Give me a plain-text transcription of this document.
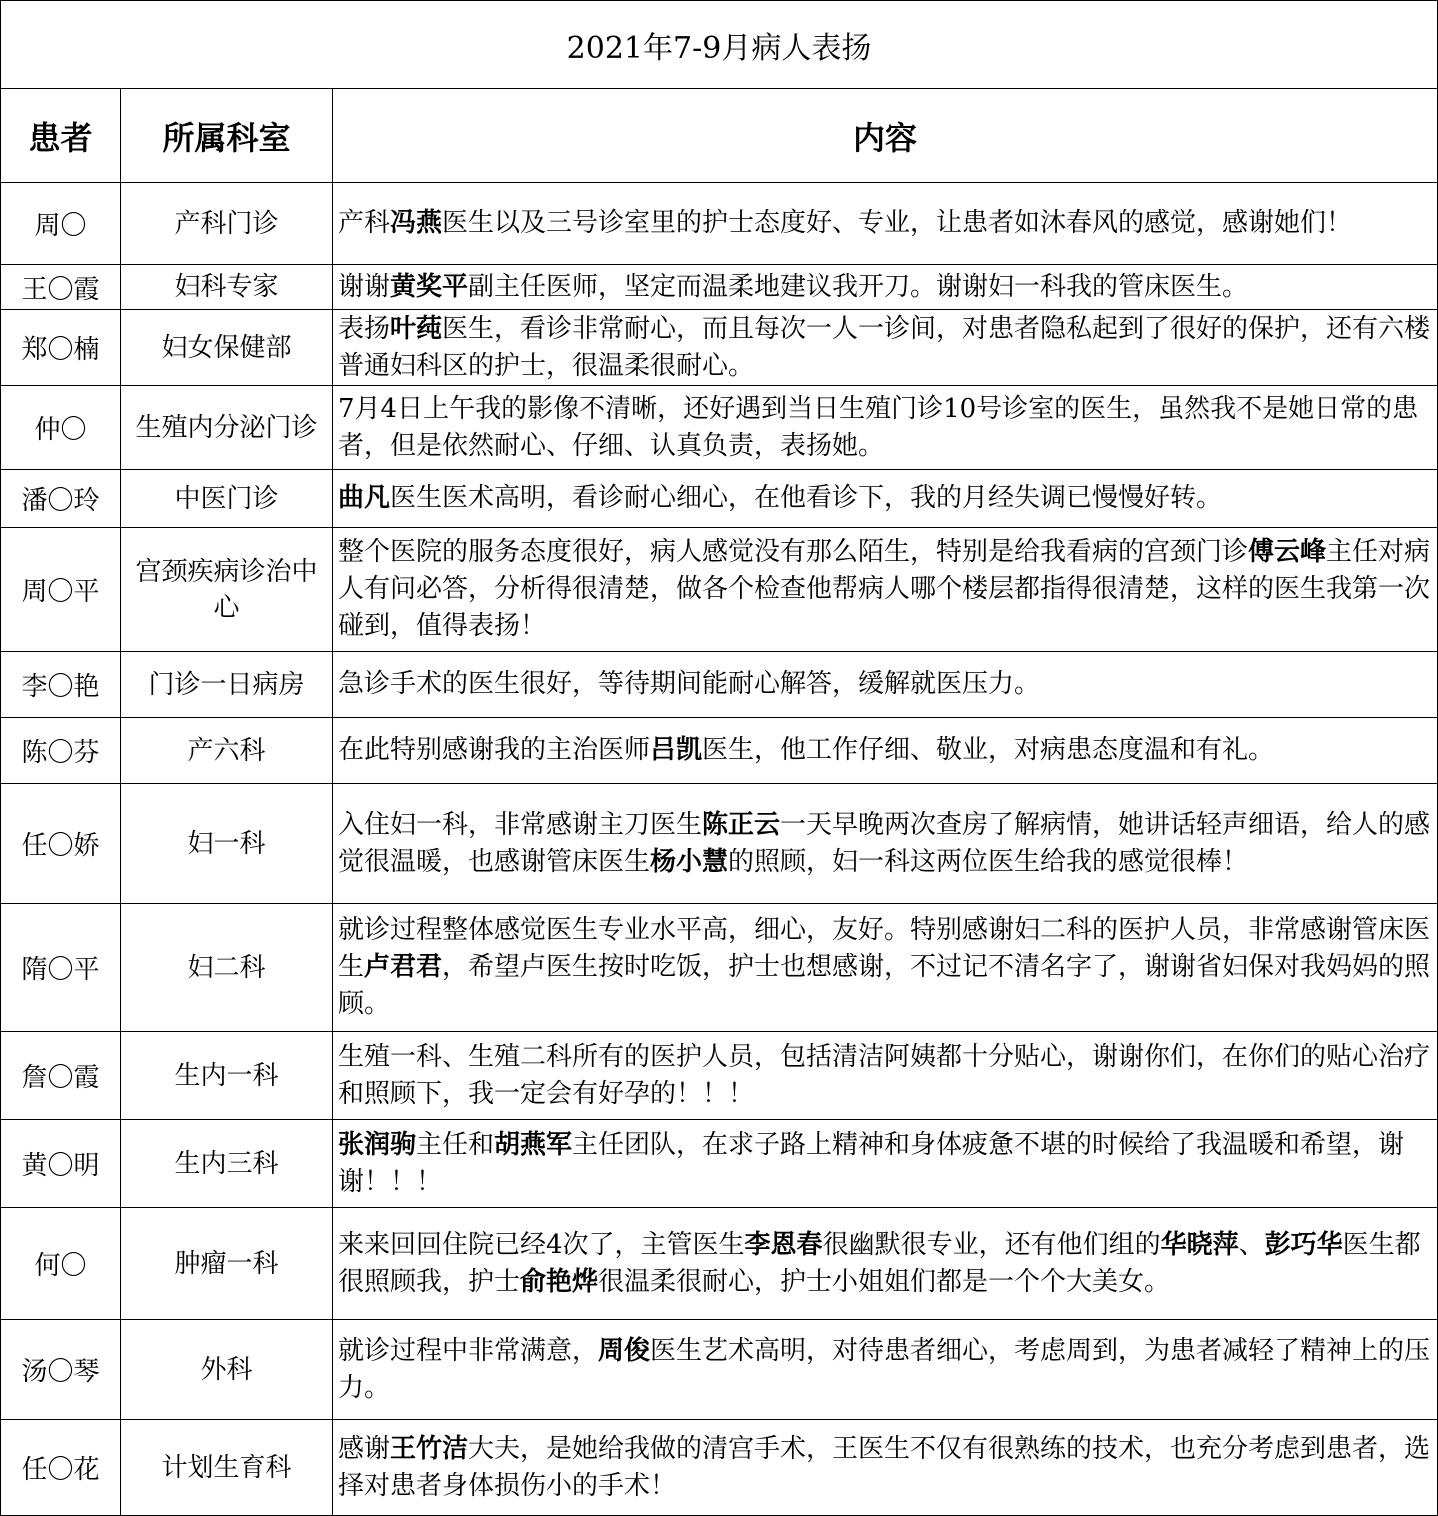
2021年7-9月病人表扬		
患者	所属科室	内容
周〇	产科门诊	产科冯燕医生以及三号诊室里的护士态度好、专业，让患者如沐春风的感觉，感谢她们！
王〇霞	妇科专家	谢谢黄奖平副主任医师，坚定而温柔地建议我开刀。谢谢妇一科我的管床医生。
郑〇楠	妇女保健部	表扬叶莼医生，看诊非常耐心，而且每次一人一诊间，对患者隐私起到了很好的保护，还有六楼普通妇科区的护士，很温柔很耐心。
仲〇	生殖内分泌门诊	7月4日上午我的影像不清晰，还好遇到当日生殖门诊10号诊室的医生，虽然我不是她日常的患者，但是依然耐心、仔细、认真负责，表扬她。
潘〇玲	中医门诊	曲凡医生医术高明，看诊耐心细心，在他看诊下，我的月经失调已慢慢好转。
周〇平	宫颈疾病诊治中心	整个医院的服务态度很好，病人感觉没有那么陌生，特别是给我看病的宫颈门诊傅云峰主任对病人有问必答，分析得很清楚，做各个检查他帮病人哪个楼层都指得很清楚，这样的医生我第一次碰到，值得表扬！
李〇艳	门诊一日病房	急诊手术的医生很好，等待期间能耐心解答，缓解就医压力。
陈〇芬	产六科	在此特别感谢我的主治医师吕凯医生，他工作仔细、敬业，对病患态度温和有礼。
任〇娇	妇一科	入住妇一科，非常感谢主刀医生陈正云一天早晚两次查房了解病情，她讲话轻声细语，给人的感觉很温暖，也感谢管床医生杨小慧的照顾，妇一科这两位医生给我的感觉很棒！
隋〇平	妇二科	就诊过程整体感觉医生专业水平高，细心，友好。特别感谢妇二科的医护人员，非常感谢管床医生卢君君，希望卢医生按时吃饭，护士也想感谢，不过记不清名字了，谢谢省妇保对我妈妈的照顾。
詹〇霞	生内一科	生殖一科、生殖二科所有的医护人员，包括清洁阿姨都十分贴心，谢谢你们，在你们的贴心治疗和照顾下，我一定会有好孕的！！！
黄〇明	生内三科	张润驹主任和胡燕军主任团队，在求子路上精神和身体疲惫不堪的时候给了我温暖和希望，谢谢！！！
何〇	肿瘤一科	来来回回住院已经4次了，主管医生李恩春很幽默很专业，还有他们组的华晓萍、彭巧华医生都很照顾我，护士俞艳烨很温柔很耐心，护士小姐姐们都是一个个大美女。
汤〇琴	外科	就诊过程中非常满意，周俊医生艺术高明，对待患者细心，考虑周到，为患者减轻了精神上的压力。
任〇花	计划生育科	感谢王竹洁大夫，是她给我做的清宫手术，王医生不仅有很熟练的技术，也充分考虑到患者，选择对患者身体损伤小的手术！
